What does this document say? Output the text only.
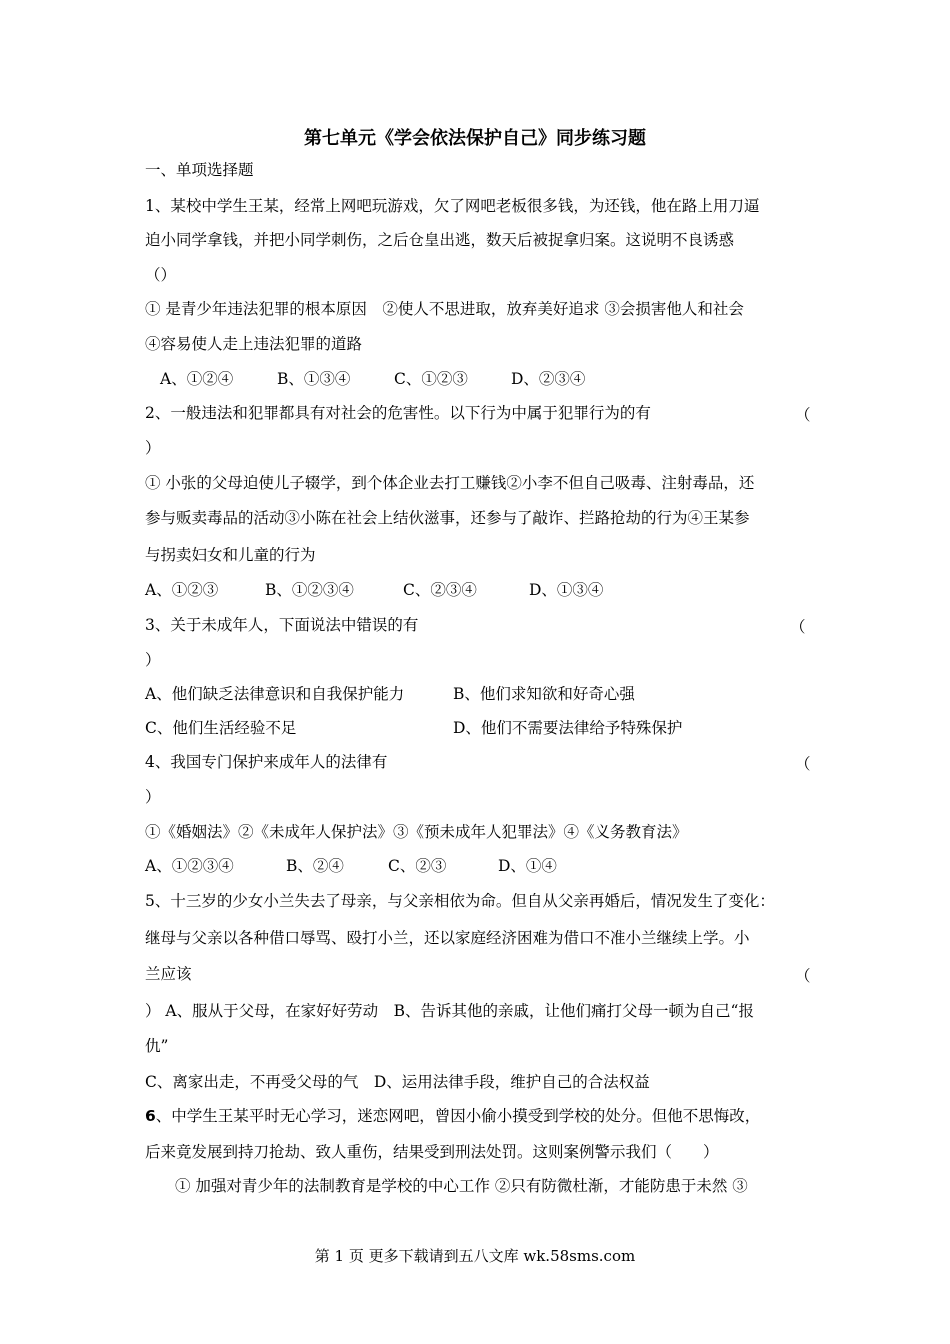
第七单元《学会依法保护自己》同步练习题
一、单项选择题
1、某校中学生王某，经常上网吧玩游戏，欠了网吧老板很多钱，为还钱，他在路上用刀逼
迫小同学拿钱，并把小同学刺伤，之后仓皇出逃，数天后被捉拿归案。这说明不良诱惑
（）
① 是青少年违法犯罪的根本原因　②使人不思进取，放弃美好追求 ③会损害他人和社会
④容易使人走上违法犯罪的道路
A、①②④	B、①③④	C、①②③	D、②③④
2、一般违法和犯罪都具有对社会的危害性。以下行为中属于犯罪行为的有	（
）
① 小张的父母迫使儿子辍学，到个体企业去打工赚钱②小李不但自己吸毒、注射毒品，还
参与贩卖毒品的活动③小陈在社会上结伙滋事，还参与了敲诈、拦路抢劫的行为④王某参
与拐卖妇女和儿童的行为
A、①②③	B、①②③④	C、②③④	D、①③④
3、关于未成年人，下面说法中错误的有	（
）
A、他们缺乏法律意识和自我保护能力	B、他们求知欲和好奇心强
C、他们生活经验不足	D、他们不需要法律给予特殊保护
4、我国专门保护来成年人的法律有	（
）
①《婚姻法》②《未成年人保护法》③《预未成年人犯罪法》④《义务教育法》
A、①②③④	B、②④	C、②③	D、①④
5、十三岁的少女小兰失去了母亲，与父亲相依为命。但自从父亲再婚后，情况发生了变化：
继母与父亲以各种借口辱骂、殴打小兰，还以家庭经济困难为借口不准小兰继续上学。小
兰应该	（
） A、服从于父母，在家好好劳动　B、告诉其他的亲戚，让他们痛打父母一顿为自己“报
仇”
C、离家出走，不再受父母的气　D、运用法律手段，维护自己的合法权益
6、中学生王某平时无心学习，迷恋网吧，曾因小偷小摸受到学校的处分。但他不思悔改，
后来竟发展到持刀抢劫、致人重伤，结果受到刑法处罚。这则案例警示我们（　　）
① 加强对青少年的法制教育是学校的中心工作 ②只有防微杜渐，才能防患于未然 ③
第 1 页 更多下载请到五八文库 wk.58sms.com
